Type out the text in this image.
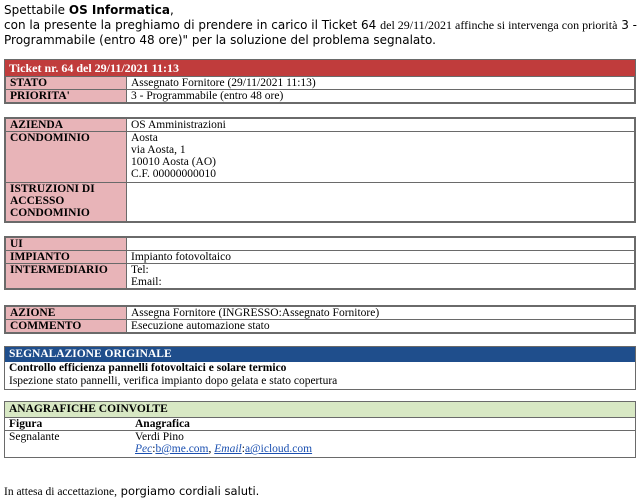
Spettabile OS Informatica,
con la presente la preghiamo di prendere in carico il Ticket 64 del 29/11/2021 affinche si intervenga con priorità 3 -
Programmabile (entro 48 ore)" per la soluzione del problema segnalato.
Ticket nr. 64 del 29/11/2021 11:13
STATO	Assegnato Fornitore (29/11/2021 11:13)
PRIORITA'	3 - Programmabile (entro 48 ore)
AZIENDA	OS Amministrazioni
CONDOMINIO	Aosta
via Aosta, 1
10010 Aosta (AO)
C.F. 00000000010

ISTRUZIONI DI ACCESSO CONDOMINIO	
UI	
IMPIANTO	Impianto fotovoltaico
INTERMEDIARIO	Tel:
Email:
AZIONE	Assegna Fornitore (INGRESSO:Assegnato Fornitore)
COMMENTO	Esecuzione automazione stato
SEGNALAZIONE ORIGINALE
Controllo efficienza pannelli fotovoltaici e solare termico
Ispezione stato pannelli, verifica impianto dopo gelata e stato copertura
ANAGRAFICHE COINVOLTE
Figura	Anagrafica
Segnalante	Verdi Pino
Pec:b@me.com, Email:a@icloud.com
In attesa di accettazione, porgiamo cordiali saluti.
